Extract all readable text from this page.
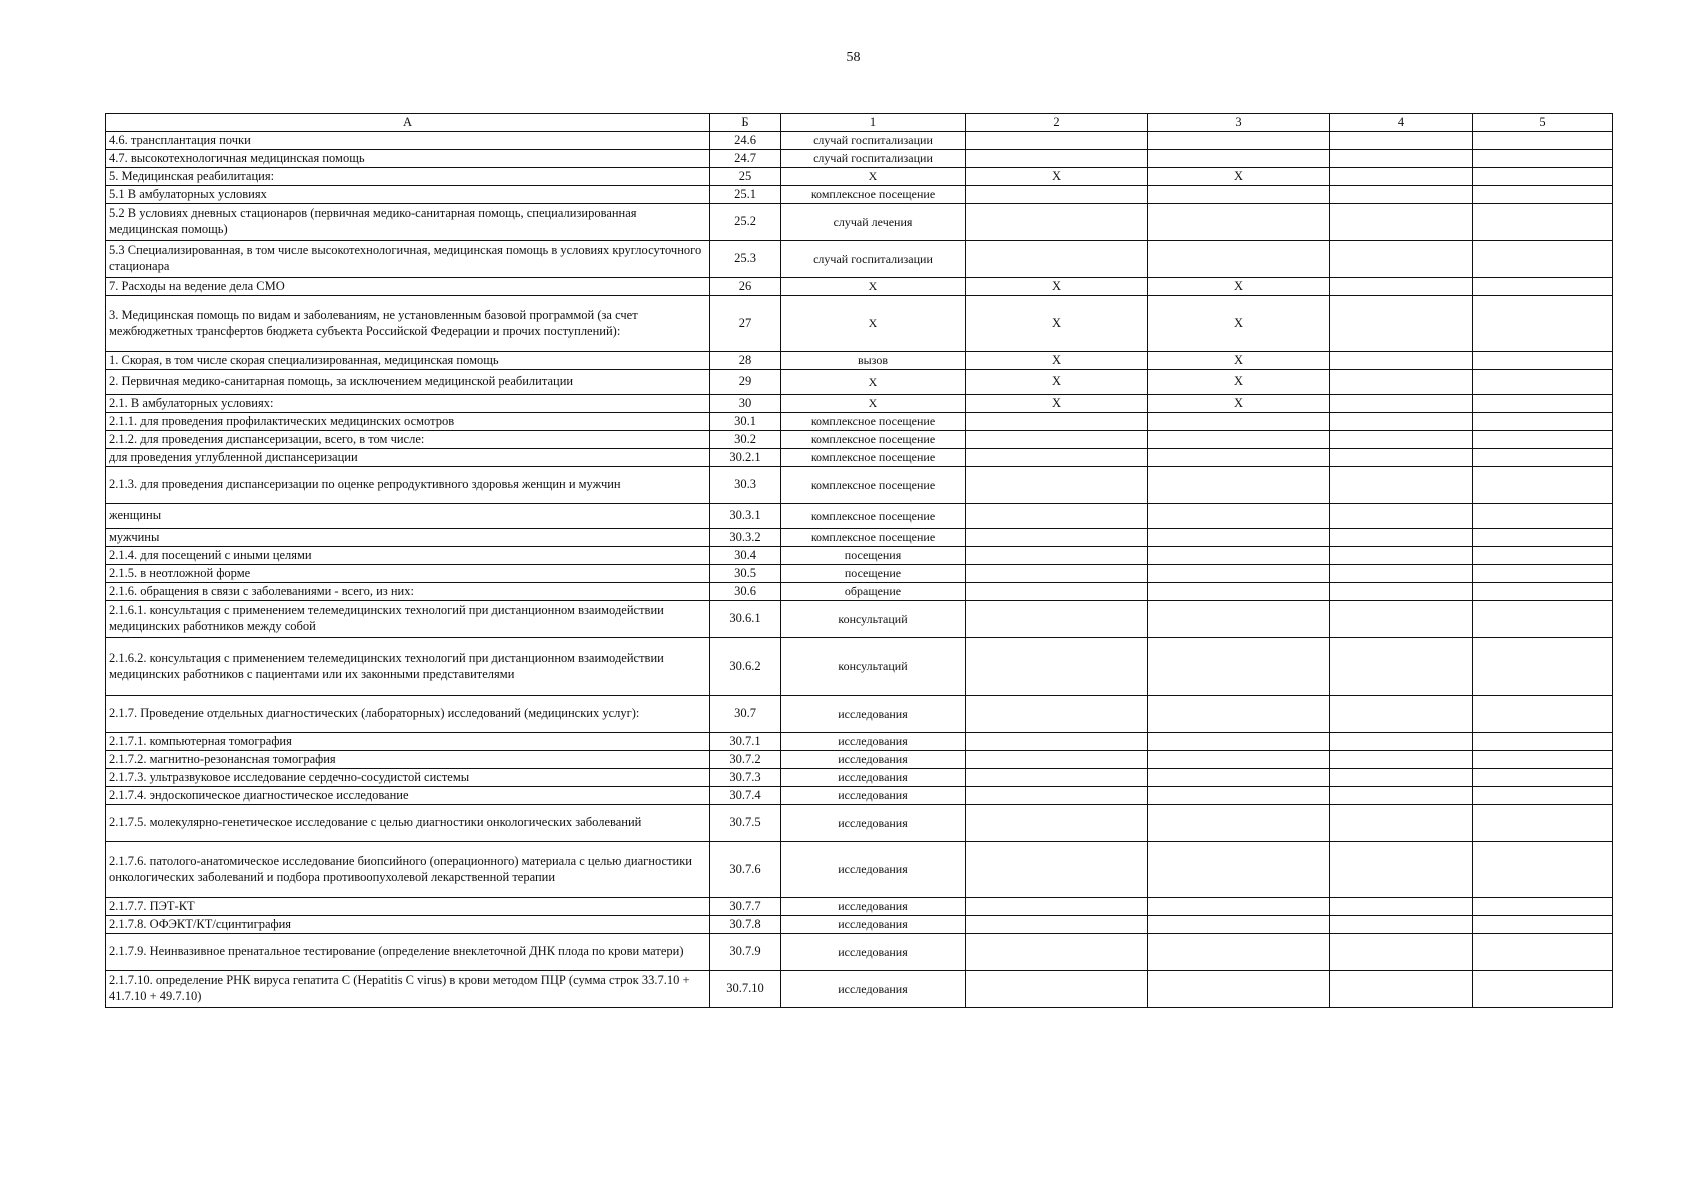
58
А	Б	1	2	3	4	5
4.6. трансплантация почки	24.6	случай госпитализации				
4.7. высокотехнологичная медицинская помощь	24.7	случай госпитализации				
5. Медицинская реабилитация:	25	X	X	X		
5.1 В амбулаторных условиях	25.1	комплексное посещение				
5.2 В условиях дневных стационаров (первичная медико-санитарная помощь, специализированная медицинская помощь)	25.2	случай лечения				
5.3 Специализированная, в том числе высокотехнологичная, медицинская помощь в условиях круглосуточного стационара	25.3	случай госпитализации				
7. Расходы на ведение дела СМО	26	X	X	X		
3. Медицинская помощь по видам и заболеваниям, не установленным базовой программой (за счет межбюджетных трансфертов бюджета субъекта Российской Федерации и прочих поступлений):	27	X	X	X		
1. Скорая, в том числе скорая специализированная, медицинская помощь	28	вызов	X	X		
2. Первичная медико-санитарная помощь, за исключением медицинской реабилитации	29	X	X	X		
2.1. В амбулаторных условиях:	30	X	X	X		
2.1.1. для проведения профилактических медицинских осмотров	30.1	комплексное посещение				
2.1.2. для проведения диспансеризации, всего, в том числе:	30.2	комплексное посещение				
для проведения углубленной диспансеризации	30.2.1	комплексное посещение				
2.1.3. для проведения диспансеризации по оценке репродуктивного здоровья женщин и мужчин	30.3	комплексное посещение				
женщины	30.3.1	комплексное посещение				
мужчины	30.3.2	комплексное посещение				
2.1.4. для посещений с иными целями	30.4	посещения				
2.1.5. в неотложной форме	30.5	посещение				
2.1.6. обращения в связи с заболеваниями - всего, из них:	30.6	обращение				
2.1.6.1. консультация с применением телемедицинских технологий при дистанционном взаимодействии медицинских работников между собой	30.6.1	консультаций				
2.1.6.2. консультация с применением телемедицинских технологий при дистанционном взаимодействии медицинских работников с пациентами или их законными представителями	30.6.2	консультаций				
2.1.7. Проведение отдельных диагностических (лабораторных) исследований (медицинских услуг):	30.7	исследования				
2.1.7.1. компьютерная томография	30.7.1	исследования				
2.1.7.2. магнитно-резонансная томография	30.7.2	исследования				
2.1.7.3. ультразвуковое исследование сердечно-сосудистой системы	30.7.3	исследования				
2.1.7.4. эндоскопическое диагностическое исследование	30.7.4	исследования				
2.1.7.5. молекулярно-генетическое исследование с целью диагностики онкологических заболеваний	30.7.5	исследования				
2.1.7.6. патолого-анатомическое исследование биопсийного (операционного) материала с целью диагностики онкологических заболеваний и подбора противоопухолевой лекарственной терапии	30.7.6	исследования				
2.1.7.7. ПЭТ-КТ	30.7.7	исследования				
2.1.7.8. ОФЭКТ/КТ/сцинтиграфия	30.7.8	исследования				
2.1.7.9. Неинвазивное пренатальное тестирование (определение внеклеточной ДНК плода по крови матери)	30.7.9	исследования				
2.1.7.10. определение РНК вируса гепатита C (Hepatitis C virus) в крови методом ПЦР (сумма строк 33.7.10 + 41.7.10 + 49.7.10)	30.7.10	исследования				
